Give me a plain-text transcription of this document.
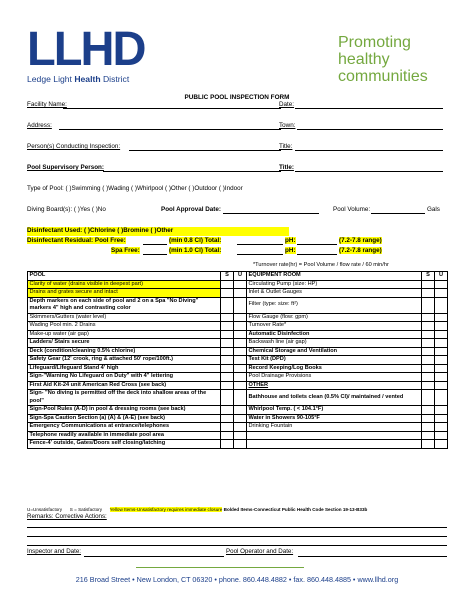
LLHD
Ledge Light Health District
Promoting
healthy
communities
PUBLIC POOL INSPECTION FORM
Facility Name:	Date:
Address:	Town:
Person(s) Conducting Inspection:	Title:
Pool Supervisory Person:	Title:
Type of Pool: ( )Swimming ( )Wading ( )Whirlpool ( )Other ( )Outdoor ( )Indoor
Diving Board(s): ( )Yes ( )No	Pool Approval Date:	Pool Volume:	Gals
Disinfectant Used: ( )Chlorine ( )Bromine ( )Other
Disinfectant Residual: Pool Free:	(min 0.8 Cl) Total:	pH:	(7.2-7.8 range)
Spa Free:	(min 1.0 Cl) Total:	pH:	(7.2-7.8 range)
*Turnover rate(hr) = Pool Volume / flow rate / 60 min/hr
POOL	S	U	EQUIPMENT ROOM	S	U
Clarity of water (drains visible in deepest part)			Circulating Pump (size: HP)		
Drains and grates secure and intact			Inlet & Outlet Gauges		
Depth markers on each side of pool and 2 on a Spa "No Diving" markers 4" high and contrasting color			Filter (type: size: ft²)		
Skimmers/Gutters (water level)			Flow Gauge (flow: gpm)		
Wading Pool min. 2 Drains			Turnover Rate*		
Make-up water (air gap)			Automatic Disinfection		
Ladders/ Stairs secure			Backwash line (air gap)		
Deck (condition/cleaning 0.5% chlorine)			Chemical Storage and Ventilation		
Safety Gear (12' crook, ring & attached 50' rope/100ft.)			Test Kit (DPD)		
Lifeguard/Lifeguard Stand 4' high			Record Keeping/Log Books		
Sign-"Warning No Lifeguard on Duty" with 4" lettering			Pool Drainage Provisions		
First Aid Kit-24 unit American Red Cross (see back)			OTHER		
Sign- "No diving is permitted off the deck into shallow areas of the pool"			Bathhouse and toilets clean (0.5% Cl)/ maintained / vented		
Sign-Pool Rules (A-D) in pool & dressing rooms (see back)			Whirlpool Temp. ( < 104.1°F)		
Sign-Spa Caution Section (a) (A) & (A-E) (see back)			Water in Showers 90-105°F		
Emergency Communications at entrance/telephones			Drinking Fountain		
Telephone readily available in immediate pool area					
Fence-4' outside, Gates/Doors self closing/latching					
U=Unsatisfactory S = Satisfactory Yellow Items-Unsatisfactory requires immediate closure Bolded Items-Connecticut Public Health Code Section 19-13-B33b
Remarks: Corrective Actions:
Inspector and Date:	Pool Operator and Date:
216 Broad Street • New London, CT 06320 • phone. 860.448.4882 • fax. 860.448.4885 • www.llhd.org
